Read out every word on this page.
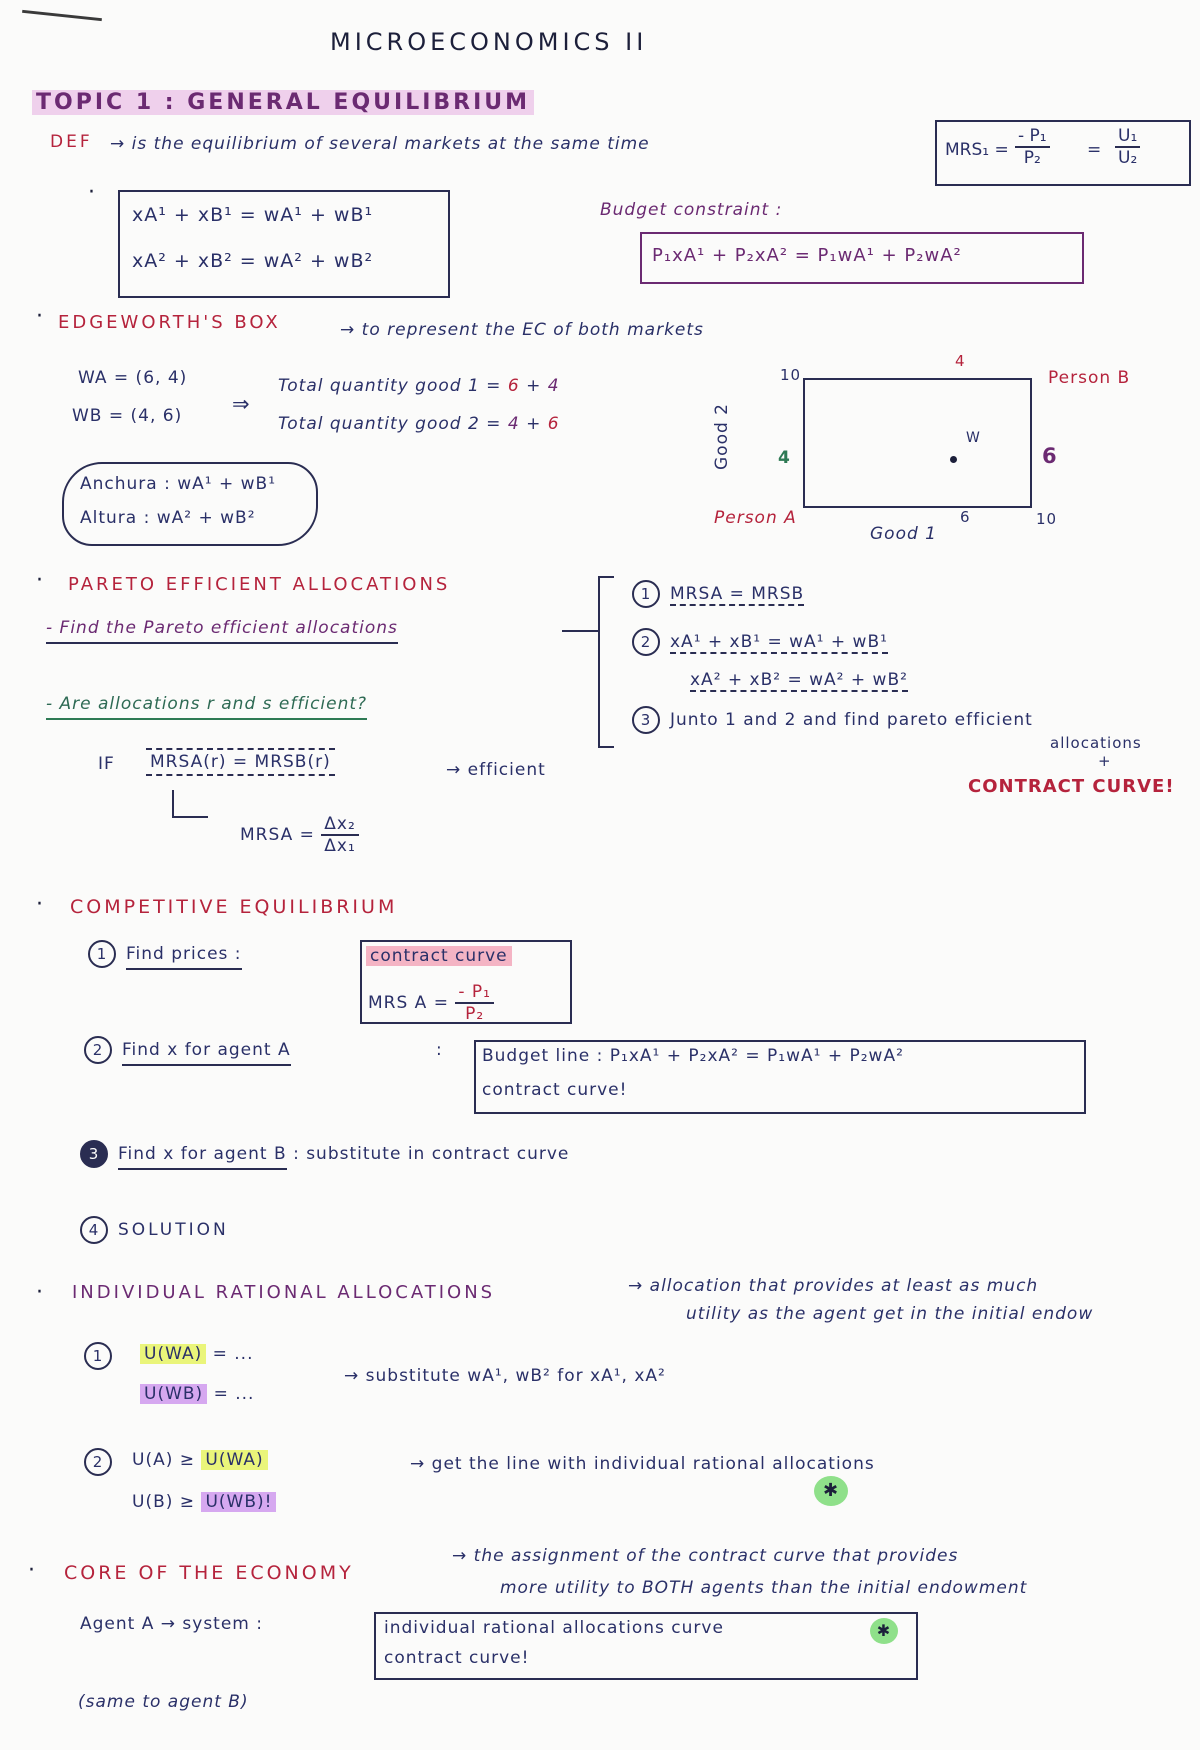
MICROECONOMICS II
TOPIC 1 : GENERAL EQUILIBRIUM
DEF → is the equilibrium of several markets at the same time	$MRS_1 = \frac{\text{- P₁}}{\text{P₂}} = \frac{\text{U₁}}{\text{U₂}}$
·
xA¹ + xB¹ = wA¹ + wB¹
xA² + xB² = wA² + wB²
Budget constraint :
P₁xA¹ + P₂xA² = P₁wA¹ + P₂wA²
· EDGEWORTH'S BOX	→ to represent the EC of both markets
WA = (6, 4)
WB = (4, 6) ⇒
Total quantity good 1 = 6 + 4
Total quantity good 2 = 4 + 6
Anchura : wA¹ + wB¹
Altura : wA² + wB²
10
4
Person B
6
4
Good 2
Person A	6	10
Good 1
W
· PARETO EFFICIENT ALLOCATIONS
- Find the Pareto efficient allocations
- Are allocations r and s efficient?
1 MRSA = MRSB
2 xA¹ + xB¹ = wA¹ + wB¹
xA² + xB² = wA² + wB²
3 Junto 1 and 2 and find pareto efficient
allocations
+
CONTRACT CURVE!
IF MRSA(r) = MRSB(r)	→ efficient
MRSA = $\frac{\text{Δx₂}}{\text{Δx₁}}$
· COMPETITIVE EQUILIBRIUM
1 Find prices :	contract curve
MRS $A = \frac{\text{- P₁}}{\text{P₂}}$
2 Find x for agent A	: Budget line : P₁xA¹ + P₂xA² = P₁wA¹ + P₂wA²
contract curve!
3 Find x for agent B : substitute in contract curve
4 SOLUTION
· INDIVIDUAL RATIONAL ALLOCATIONS	→ allocation that provides at least as much
utility as the agent get in the initial endow
1	U(WA) = ...
U(WB) = ...
→ substitute wA¹, wB² for xA¹, xA²
2	U(A) ≥ U(WA)
U(B) ≥ U(WB)!
→ get the line with individual rational allocations
✱
· CORE OF THE ECONOMY
→ the assignment of the contract curve that provides
more utility to BOTH agents than the initial endowment
Agent A → system :	individual rational allocations curve	✱
contract curve!
(same to agent B)
